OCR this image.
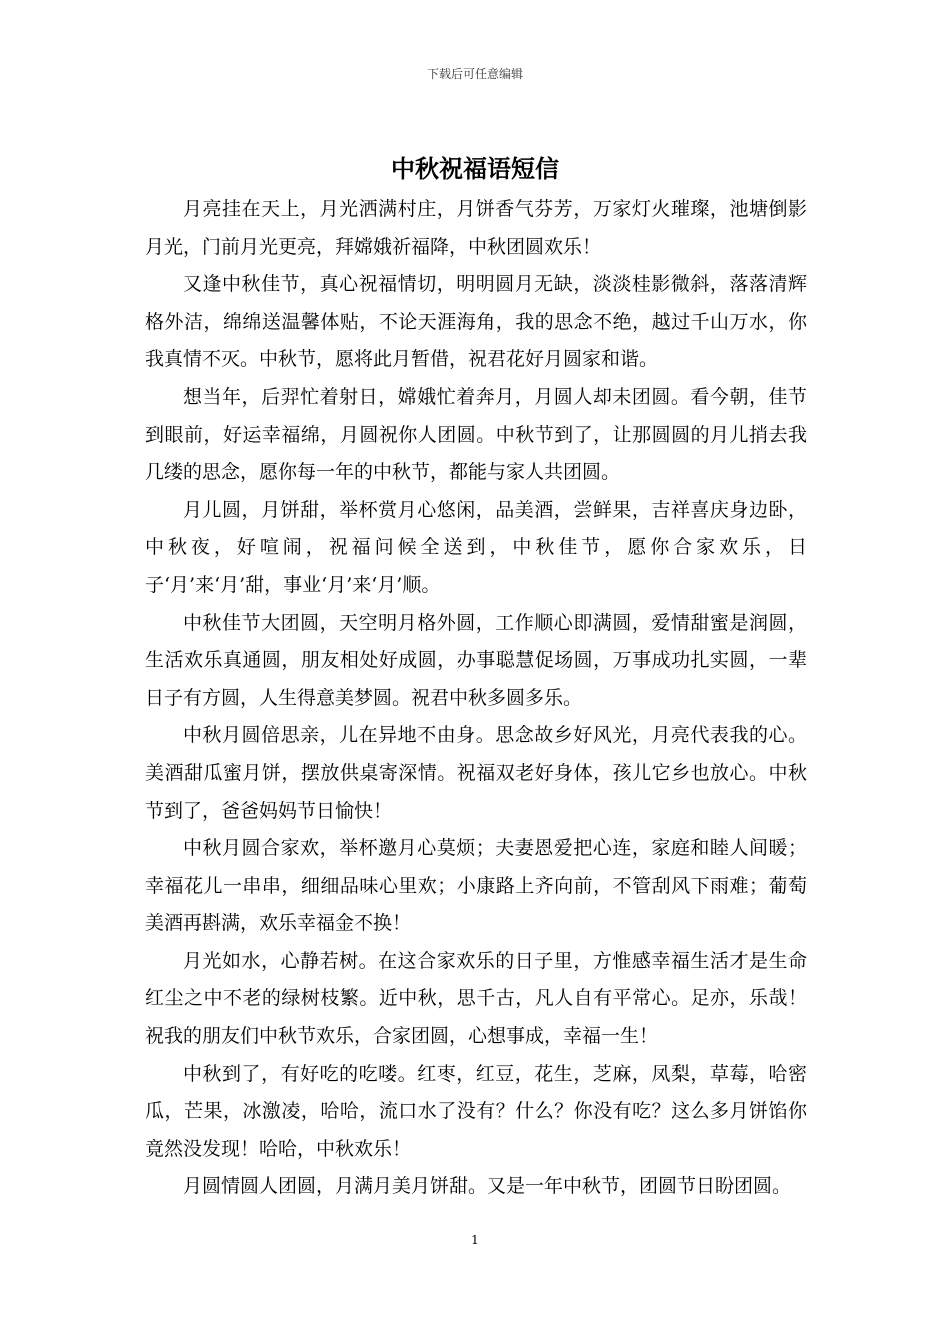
下载后可任意编辑
中秋祝福语短信

月亮挂在天上，月光洒满村庄，月饼香气芬芳，万家灯火璀璨，池塘倒影月光，门前月光更亮，拜嫦娥祈福降，中秋团圆欢乐！

又逢中秋佳节，真心祝福情切，明明圆月无缺，淡淡桂影微斜，落落清辉格外洁，绵绵送温馨体贴，不论天涯海角，我的思念不绝，越过千山万水，你我真情不灭。中秋节，愿将此月暂借，祝君花好月圆家和谐。

想当年，后羿忙着射日，嫦娥忙着奔月，月圆人却未团圆。看今朝，佳节到眼前，好运幸福绵，月圆祝你人团圆。中秋节到了，让那圆圆的月儿捎去我几缕的思念，愿你每一年的中秋节，都能与家人共团圆。

月儿圆，月饼甜，举杯赏月心悠闲，品美酒，尝鲜果，吉祥喜庆身边卧，中秋夜，好喧闹，祝福问候全送到，中秋佳节，愿你合家欢乐，日子‘月’来‘月’甜，事业‘月’来‘月’顺。

中秋佳节大团圆，天空明月格外圆，工作顺心即满圆，爱情甜蜜是润圆，生活欢乐真通圆，朋友相处好成圆，办事聪慧促场圆，万事成功扎实圆，一辈日子有方圆，人生得意美梦圆。祝君中秋多圆多乐。

中秋月圆倍思亲，儿在异地不由身。思念故乡好风光，月亮代表我的心。美酒甜瓜蜜月饼，摆放供桌寄深情。祝福双老好身体，孩儿它乡也放心。中秋节到了，爸爸妈妈节日愉快！

中秋月圆合家欢，举杯邀月心莫烦；夫妻恩爱把心连，家庭和睦人间暖；幸福花儿一串串，细细品味心里欢；小康路上齐向前，不管刮风下雨难；葡萄美酒再斟满，欢乐幸福金不换！

月光如水，心静若树。在这合家欢乐的日子里，方惟感幸福生活才是生命红尘之中不老的绿树枝繁。近中秋，思千古，凡人自有平常心。足亦，乐哉！祝我的朋友们中秋节欢乐，合家团圆，心想事成，幸福一生！

中秋到了，有好吃的吃喽。红枣，红豆，花生，芝麻，凤梨，草莓，哈密瓜，芒果，冰激凌，哈哈，流口水了没有？什么？你没有吃？这么多月饼馅你竟然没发现！哈哈，中秋欢乐！

月圆情圆人团圆，月满月美月饼甜。又是一年中秋节，团圆节日盼团圆。

1
